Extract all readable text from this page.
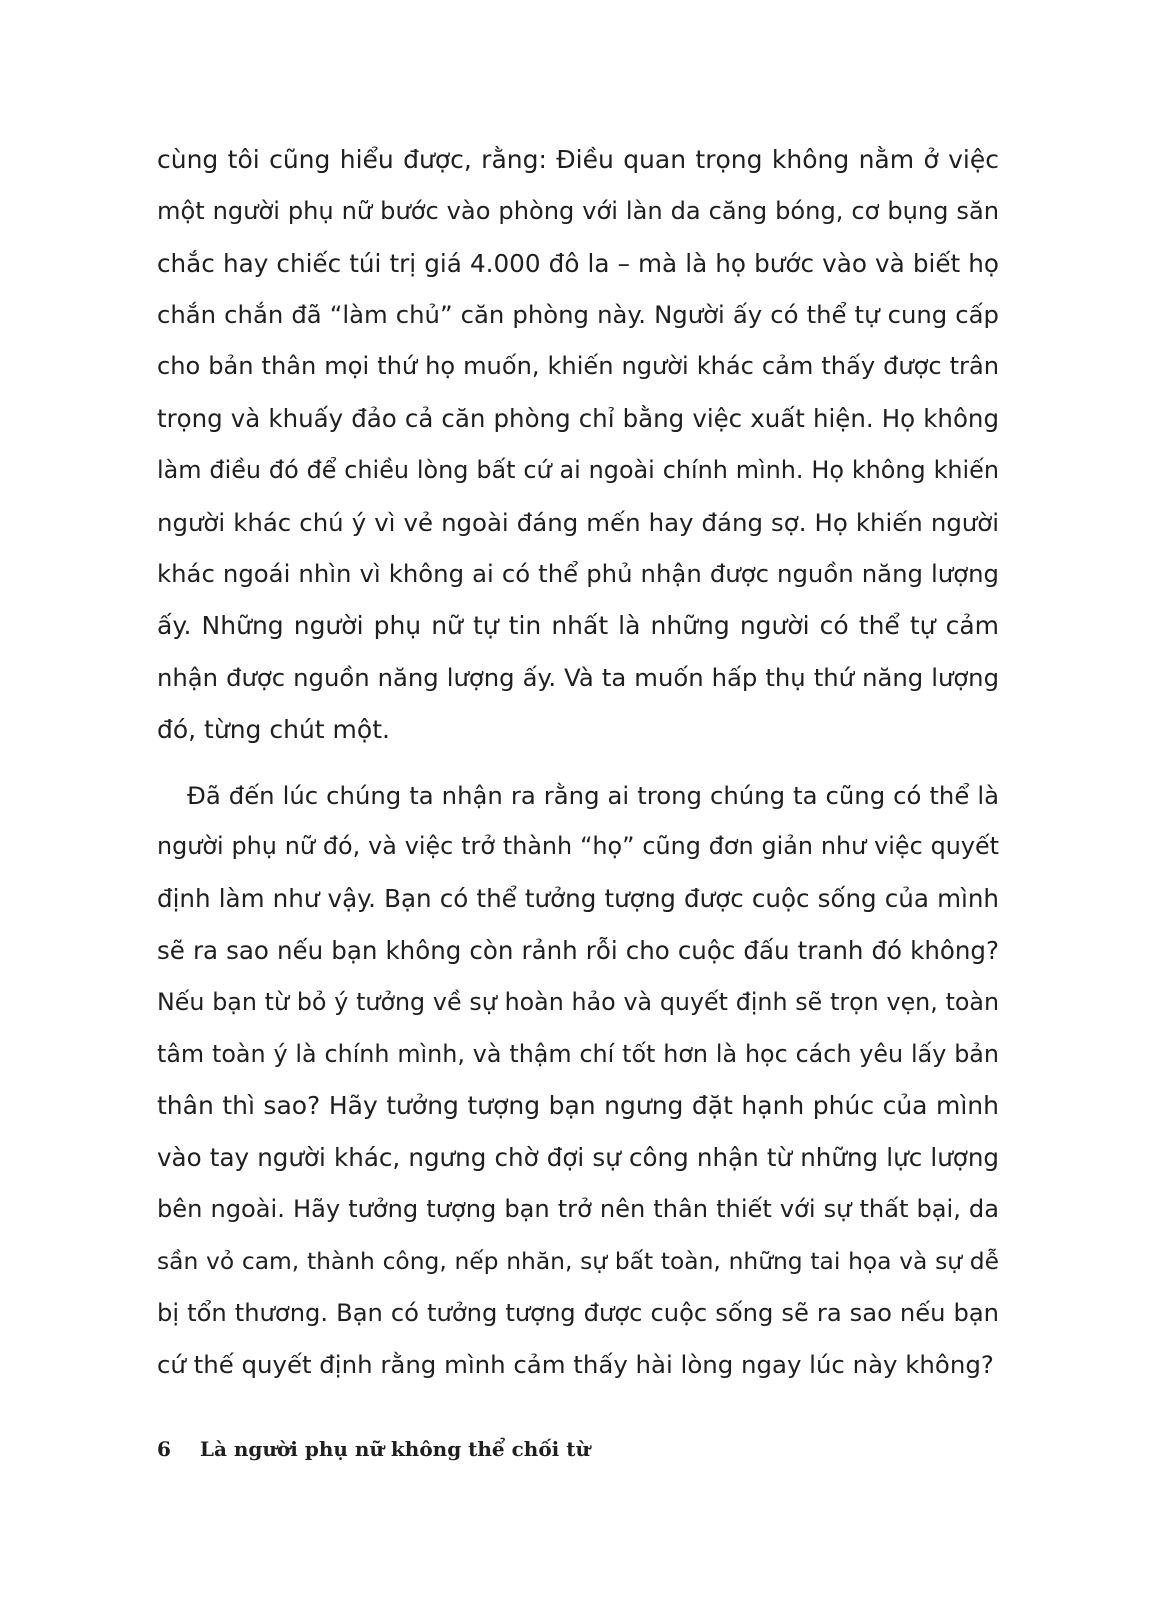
cùng tôi cũng hiểu được, rằng: Điều quan trọng không nằm ở việc
một người phụ nữ bước vào phòng với làn da căng bóng, cơ bụng săn
chắc hay chiếc túi trị giá 4.000 đô la – mà là họ bước vào và biết họ
chắn chắn đã “làm chủ” căn phòng này. Người ấy có thể tự cung cấp
cho bản thân mọi thứ họ muốn, khiến người khác cảm thấy được trân
trọng và khuấy đảo cả căn phòng chỉ bằng việc xuất hiện. Họ không
làm điều đó để chiều lòng bất cứ ai ngoài chính mình. Họ không khiến
người khác chú ý vì vẻ ngoài đáng mến hay đáng sợ. Họ khiến người
khác ngoái nhìn vì không ai có thể phủ nhận được nguồn năng lượng
ấy. Những người phụ nữ tự tin nhất là những người có thể tự cảm
nhận được nguồn năng lượng ấy. Và ta muốn hấp thụ thứ năng lượng
đó, từng chút một.

Đã đến lúc chúng ta nhận ra rằng ai trong chúng ta cũng có thể là
người phụ nữ đó, và việc trở thành “họ” cũng đơn giản như việc quyết
định làm như vậy. Bạn có thể tưởng tượng được cuộc sống của mình
sẽ ra sao nếu bạn không còn rảnh rỗi cho cuộc đấu tranh đó không?
Nếu bạn từ bỏ ý tưởng về sự hoàn hảo và quyết định sẽ trọn vẹn, toàn
tâm toàn ý là chính mình, và thậm chí tốt hơn là học cách yêu lấy bản
thân thì sao? Hãy tưởng tượng bạn ngưng đặt hạnh phúc của mình
vào tay người khác, ngưng chờ đợi sự công nhận từ những lực lượng
bên ngoài. Hãy tưởng tượng bạn trở nên thân thiết với sự thất bại, da
sần vỏ cam, thành công, nếp nhăn, sự bất toàn, những tai họa và sự dễ
bị tổn thương. Bạn có tưởng tượng được cuộc sống sẽ ra sao nếu bạn
cứ thế quyết định rằng mình cảm thấy hài lòng ngay lúc này không?

6 Là người phụ nữ không thể chối từ
